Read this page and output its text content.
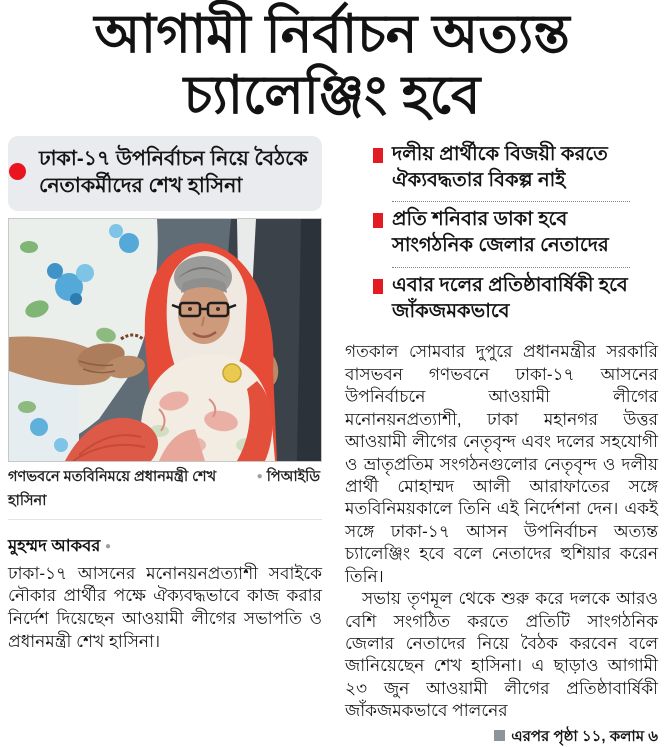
আগামী নির্বাচন অত্যন্ত
চ্যালেঞ্জিং হবে
ঢাকা-১৭ উপনির্বাচন নিয়ে বৈঠকে নেতাকর্মীদের শেখ হাসিনা
গণভবনে মতবিনিময়ে প্রধানমন্ত্রী শেখ হাসিনা
● পিআইডি
মুহম্মদ আকবর ●

ঢাকা-১৭ আসনের মনোনয়নপ্রত্যাশী সবাইকে নৌকার প্রার্থীর পক্ষে ঐক্যবদ্ধভাবে কাজ করার নির্দেশ দিয়েছেন আওয়ামী লীগের সভাপতি ও প্রধানমন্ত্রী শেখ হাসিনা।

দলীয় প্রার্থীকে বিজয়ী করতে ঐক্যবদ্ধতার বিকল্প নাই
প্রতি শনিবার ডাকা হবে সাংগঠনিক জেলার নেতাদের
এবার দলের প্রতিষ্ঠাবার্ষিকী হবে জাঁকজমকভাবে

গতকাল সোমবার দুপুরে প্রধানমন্ত্রীর সরকারি বাসভবন গণভবনে ঢাকা-১৭ আসনের উপনির্বাচনে আওয়ামী লীগের মনোনয়নপ্রত্যাশী, ঢাকা মহানগর উত্তর আওয়ামী লীগের নেতৃবৃন্দ এবং দলের সহযোগী ও ভ্রাতৃপ্রতিম সংগঠনগুলোর নেতৃবৃন্দ ও দলীয় প্রার্থী মোহাম্মদ আলী আরাফাতের সঙ্গে মতবিনিময়কালে তিনি এই নির্দেশনা দেন। একই সঙ্গে ঢাকা-১৭ আসন উপনির্বাচন অত্যন্ত চ্যালেঞ্জিং হবে বলে নেতাদের হুশিয়ার করেন তিনি।

সভায় তৃণমূল থেকে শুরু করে দলকে আরও বেশি সংগঠিত করতে প্রতিটি সাংগঠনিক জেলার নেতাদের নিয়ে বৈঠক করবেন বলে জানিয়েছেন শেখ হাসিনা। এ ছাড়াও আগামী ২৩ জুন আওয়ামী লীগের প্রতিষ্ঠাবার্ষিকী জাঁকজমকভাবে পালনের
এরপর পৃষ্ঠা ১১, কলাম ৬
